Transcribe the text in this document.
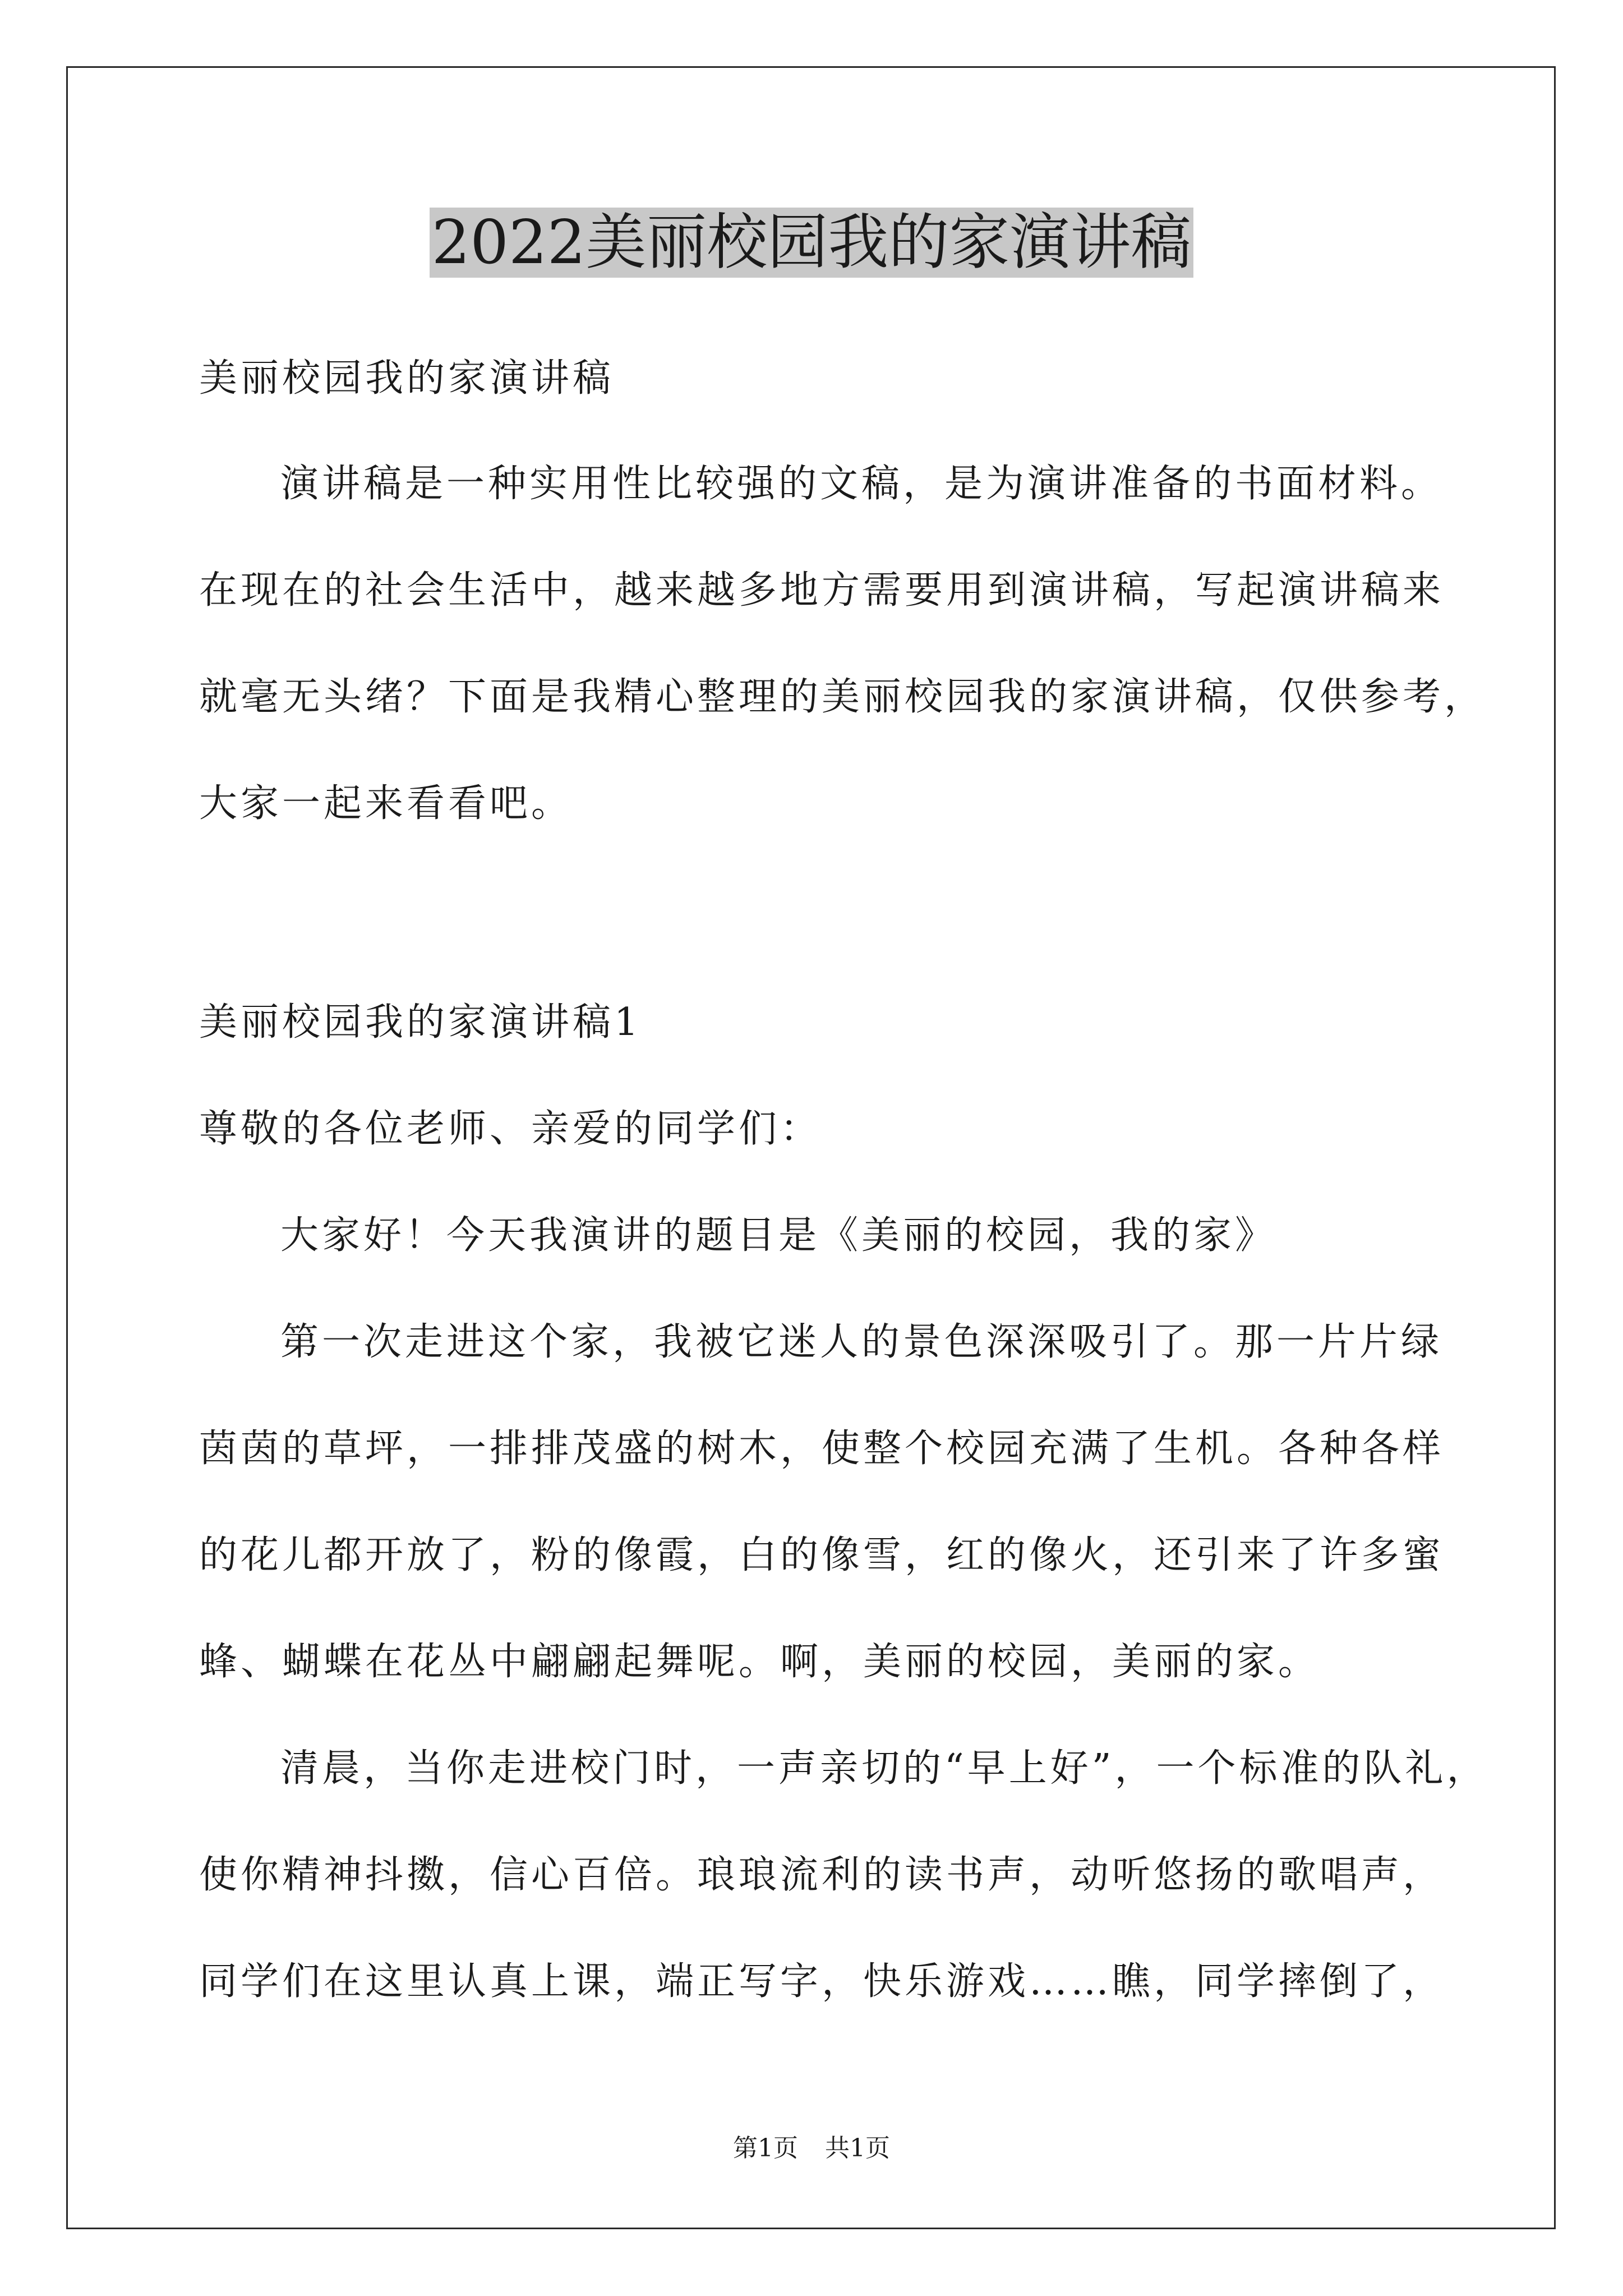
2022美丽校园我的家演讲稿
美丽校园我的家演讲稿
演讲稿是一种实用性比较强的文稿，是为演讲准备的书面材料。
在现在的社会生活中，越来越多地方需要用到演讲稿，写起演讲稿来
就毫无头绪？下面是我精心整理的美丽校园我的家演讲稿，仅供参考，
大家一起来看看吧。
美丽校园我的家演讲稿1
尊敬的各位老师、亲爱的同学们：
大家好！今天我演讲的题目是《美丽的校园，我的家》
第一次走进这个家，我被它迷人的景色深深吸引了。那一片片绿
茵茵的草坪，一排排茂盛的树木，使整个校园充满了生机。各种各样
的花儿都开放了，粉的像霞，白的像雪，红的像火，还引来了许多蜜
蜂、蝴蝶在花丛中翩翩起舞呢。啊，美丽的校园，美丽的家。
清晨，当你走进校门时，一声亲切的“早上好”，一个标准的队礼，
使你精神抖擞，信心百倍。琅琅流利的读书声，动听悠扬的歌唱声，
同学们在这里认真上课，端正写字，快乐游戏……瞧，同学摔倒了，
第1页 共1页
